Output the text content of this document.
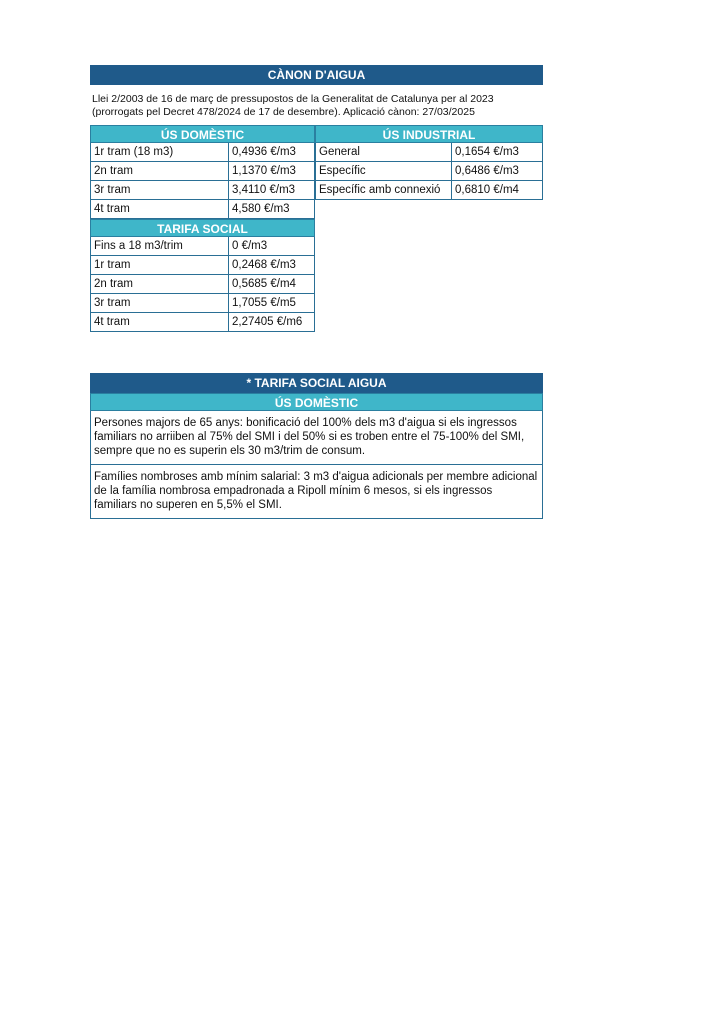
CÀNON D'AIGUA
Llei 2/2003 de 16 de març de pressupostos de la Generalitat de Catalunya per al 2023
(prorrogats pel Decret 478/2024 de 17 de desembre). Aplicació cànon: 27/03/2025
ÚS DOMÈSTIC
1r tram (18 m3)	0,4936 €/m3
2n tram	1,1370 €/m3
3r tram	3,4110 €/m3
4t tram	4,580 €/m3
TARIFA SOCIAL
Fins a 18 m3/trim	0 €/m3
1r tram	0,2468 €/m3
2n tram	0,5685 €/m4
3r tram	1,7055 €/m5
4t tram	2,27405 €/m6
ÚS INDUSTRIAL
General	0,1654 €/m3
Específic	0,6486 €/m3
Específic amb connexió	0,6810 €/m4
* TARIFA SOCIAL AIGUA
ÚS DOMÈSTIC
Persones majors de 65 anys: bonificació del 100% dels m3 d'aigua si els ingressos familiars no arriiben al 75% del SMI i del 50% si es troben entre el 75-100% del SMI, sempre que no es superin els 30 m3/trim de consum.
Famílies nombroses amb mínim salarial: 3 m3 d'aigua adicionals per membre adicional de la família nombrosa empadronada a Ripoll mínim 6 mesos, si els ingressos familiars no superen en 5,5% el SMI.
